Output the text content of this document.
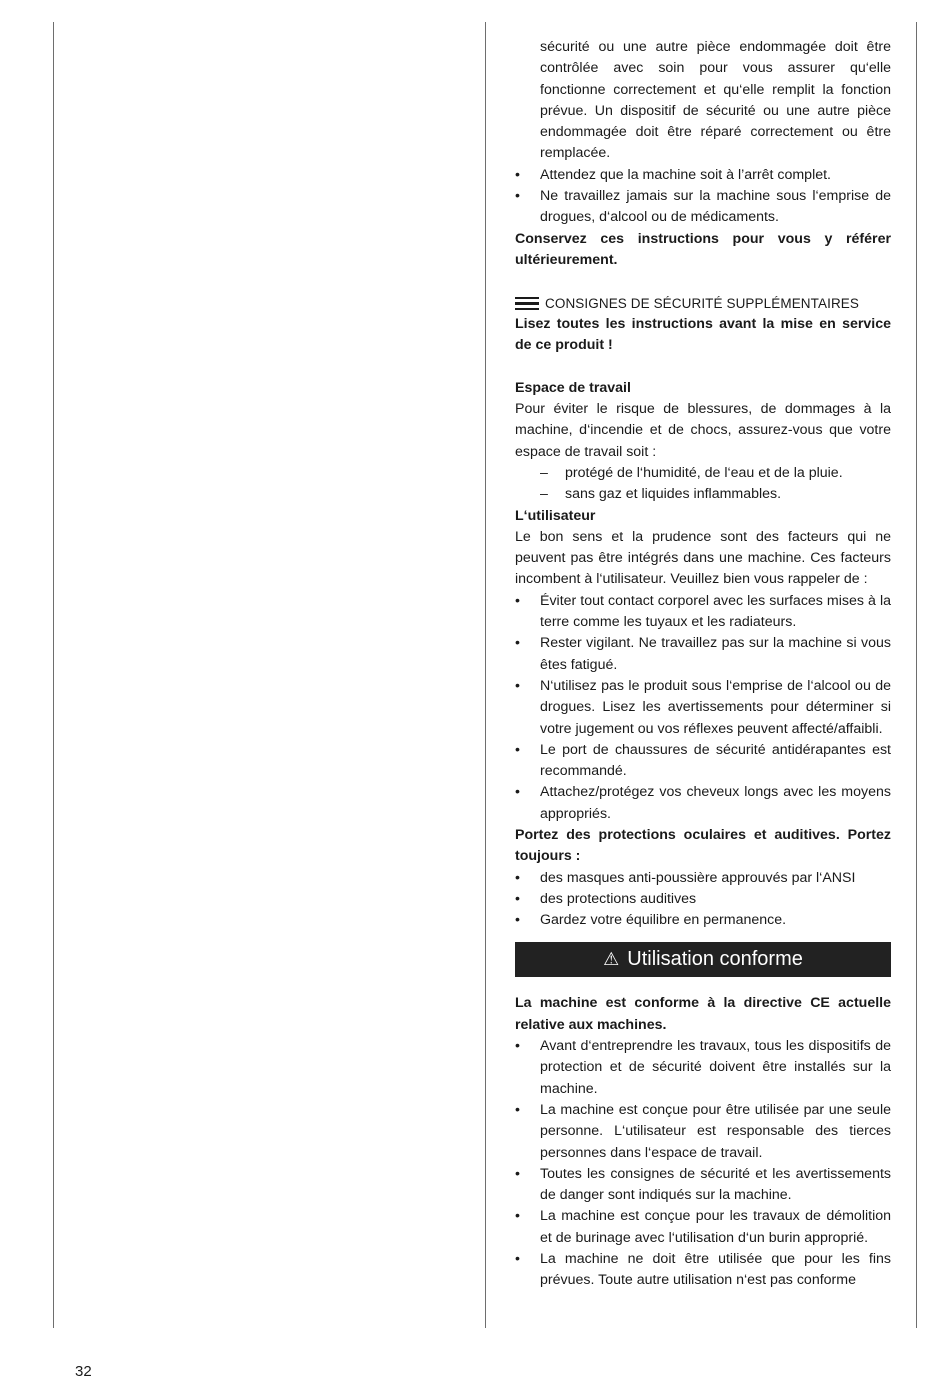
sécurité ou une autre pièce endommagée doit être contrôlée avec soin pour vous assurer qu‘elle fonctionne correctement et qu‘elle remplit la fonction prévue. Un dispositif de sécurité ou une autre pièce endommagée doit être réparé correctement ou être remplacée.

• Attendez que la machine soit à l’arrêt complet.
• Ne travaillez jamais sur la machine sous l‘emprise de drogues, d‘alcool ou de médicaments.

Conservez ces instructions pour vous y référer ultérieurement.

CONSIGNES DE SÉCURITÉ SUPPLÉMENTAIRES

Lisez toutes les instructions avant la mise en service de ce produit !

Espace de travail

Pour éviter le risque de blessures, de dommages à la machine, d‘incendie et de chocs, assurez-vous que votre espace de travail soit :

– protégé de l‘humidité, de l‘eau et de la pluie.
– sans gaz et liquides inflammables.

L‘utilisateur

Le bon sens et la prudence sont des facteurs qui ne peuvent pas être intégrés dans une machine. Ces facteurs incombent à l‘utilisateur. Veuillez bien vous rappeler de :

• Éviter tout contact corporel avec les surfaces mises à la terre comme les tuyaux et les radiateurs.
• Rester vigilant. Ne travaillez pas sur la machine si vous êtes fatigué.
• N‘utilisez pas le produit sous l‘emprise de l‘alcool ou de drogues. Lisez les avertissements pour déterminer si votre jugement ou vos réflexes peuvent affecté/affaibli.
• Le port de chaussures de sécurité antidérapantes est recommandé.
• Attachez/protégez vos cheveux longs avec les moyens appropriés.

Portez des protections oculaires et auditives. Portez toujours :

• des masques anti-poussière approuvés par l‘ANSI
• des protections auditives
• Gardez votre équilibre en permanence.
⚠ Utilisation conforme

La machine est conforme à la directive CE actuelle relative aux machines.

• Avant d‘entreprendre les travaux, tous les dispositifs de protection et de sécurité doivent être installés sur la machine.
• La machine est conçue pour être utilisée par une seule personne. L‘utilisateur est responsable des tierces personnes dans l‘espace de travail.
• Toutes les consignes de sécurité et les avertissements de danger sont indiqués sur la machine.
• La machine est conçue pour les travaux de démolition et de burinage avec l‘utilisation d‘un burin approprié.
• La machine ne doit être utilisée que pour les fins prévues. Toute autre utilisation n‘est pas conforme
32
